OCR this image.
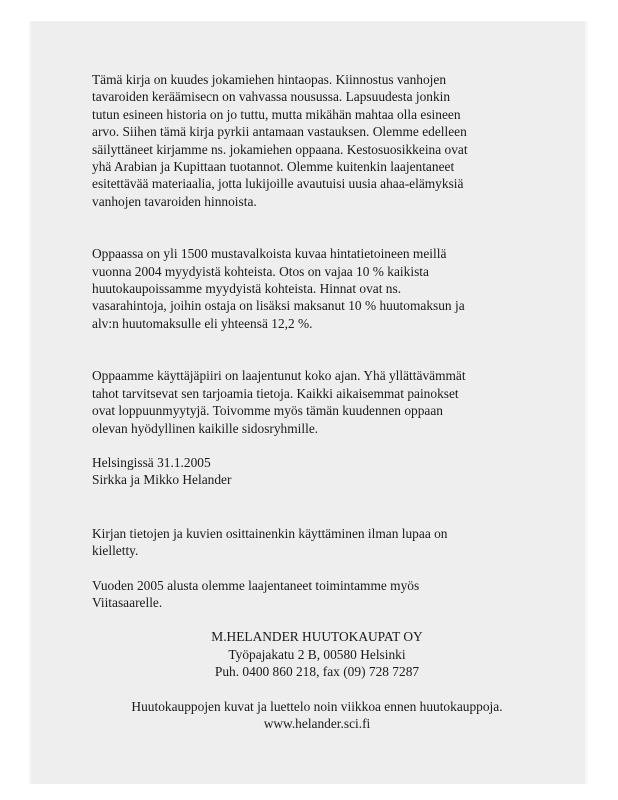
Tämä kirja on kuudes jokamiehen hintaopas. Kiinnostus vanhojen
tavaroiden keräämisecn on vahvassa nousussa. Lapsuudesta jonkin
tutun esineen historia on jo tuttu, mutta mikähän mahtaa olla esineen
arvo. Siihen tämä kirja pyrkii antamaan vastauksen. Olemme edelleen
säilyttäneet kirjamme ns. jokamiehen oppaana. Kestosuosikkeina ovat
yhä Arabian ja Kupittaan tuotannot. Olemme kuitenkin laajentaneet
esitettävää materiaalia, jotta lukijoille avautuisi uusia ahaa-elämyksiä
vanhojen tavaroiden hinnoista.

Oppaassa on yli 1500 mustavalkoista kuvaa hintatietoineen meillä
vuonna 2004 myydyistä kohteista. Otos on vajaa 10 % kaikista
huutokaupoissamme myydyistä kohteista. Hinnat ovat ns.
vasarahintoja, joihin ostaja on lisäksi maksanut 10 % huutomaksun ja
alv:n huutomaksulle eli yhteensä 12,2 %.

Oppaamme käyttäjäpiiri on laajentunut koko ajan. Yhä yllättävämmät
tahot tarvitsevat sen tarjoamia tietoja. Kaikki aikaisemmat painokset
ovat loppuunmyytyjä. Toivomme myös tämän kuudennen oppaan
olevan hyödyllinen kaikille sidosryhmille.

Helsingissä 31.1.2005

Sirkka ja Mikko Helander

Kirjan tietojen ja kuvien osittainenkin käyttäminen ilman lupaa on
kielletty.

Vuoden 2005 alusta olemme laajentaneet toimintamme myös
Viitasaarelle.

M.HELANDER HUUTOKAUPAT OY

Työpajakatu 2 B, 00580 Helsinki

Puh. 0400 860 218, fax (09) 728 7287

Huutokauppojen kuvat ja luettelo noin viikkoa ennen huutokauppoja.

www.helander.sci.fi
